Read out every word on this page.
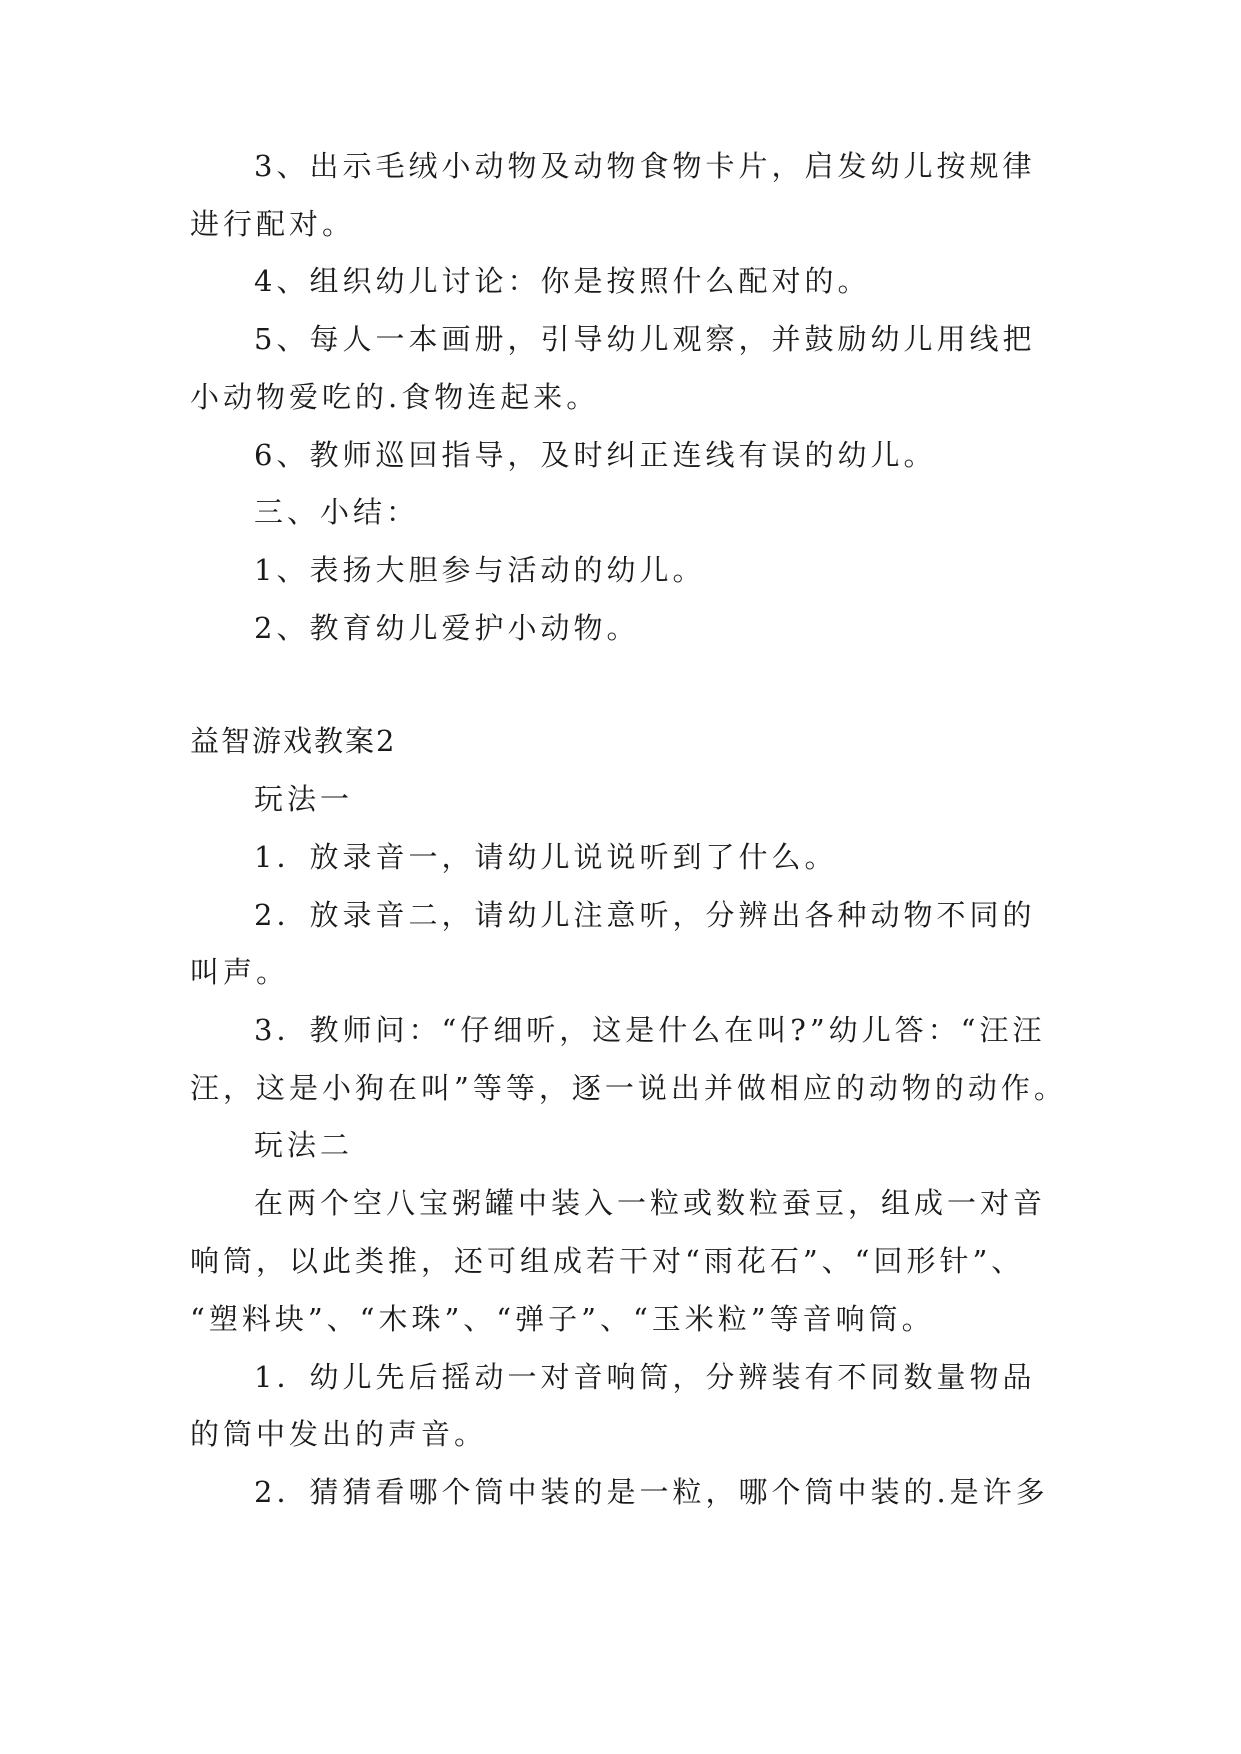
3、出示毛绒小动物及动物食物卡片，启发幼儿按规律

进行配对。

4、组织幼儿讨论：你是按照什么配对的。

5、每人一本画册，引导幼儿观察，并鼓励幼儿用线把

小动物爱吃的.食物连起来。

6、教师巡回指导，及时纠正连线有误的幼儿。

三、小结：

1、表扬大胆参与活动的幼儿。

2、教育幼儿爱护小动物。

益智游戏教案2

玩法一

1．放录音一，请幼儿说说听到了什么。

2．放录音二，请幼儿注意听，分辨出各种动物不同的

叫声。

3．教师问：“仔细听，这是什么在叫?”幼儿答：“汪汪

汪，这是小狗在叫”等等，逐一说出并做相应的动物的动作。

玩法二

在两个空八宝粥罐中装入一粒或数粒蚕豆，组成一对音

响筒，以此类推，还可组成若干对“雨花石”、“回形针”、

“塑料块”、“木珠”、“弹子”、“玉米粒”等音响筒。

1．幼儿先后摇动一对音响筒，分辨装有不同数量物品

的筒中发出的声音。

2．猜猜看哪个筒中装的是一粒，哪个筒中装的.是许多
